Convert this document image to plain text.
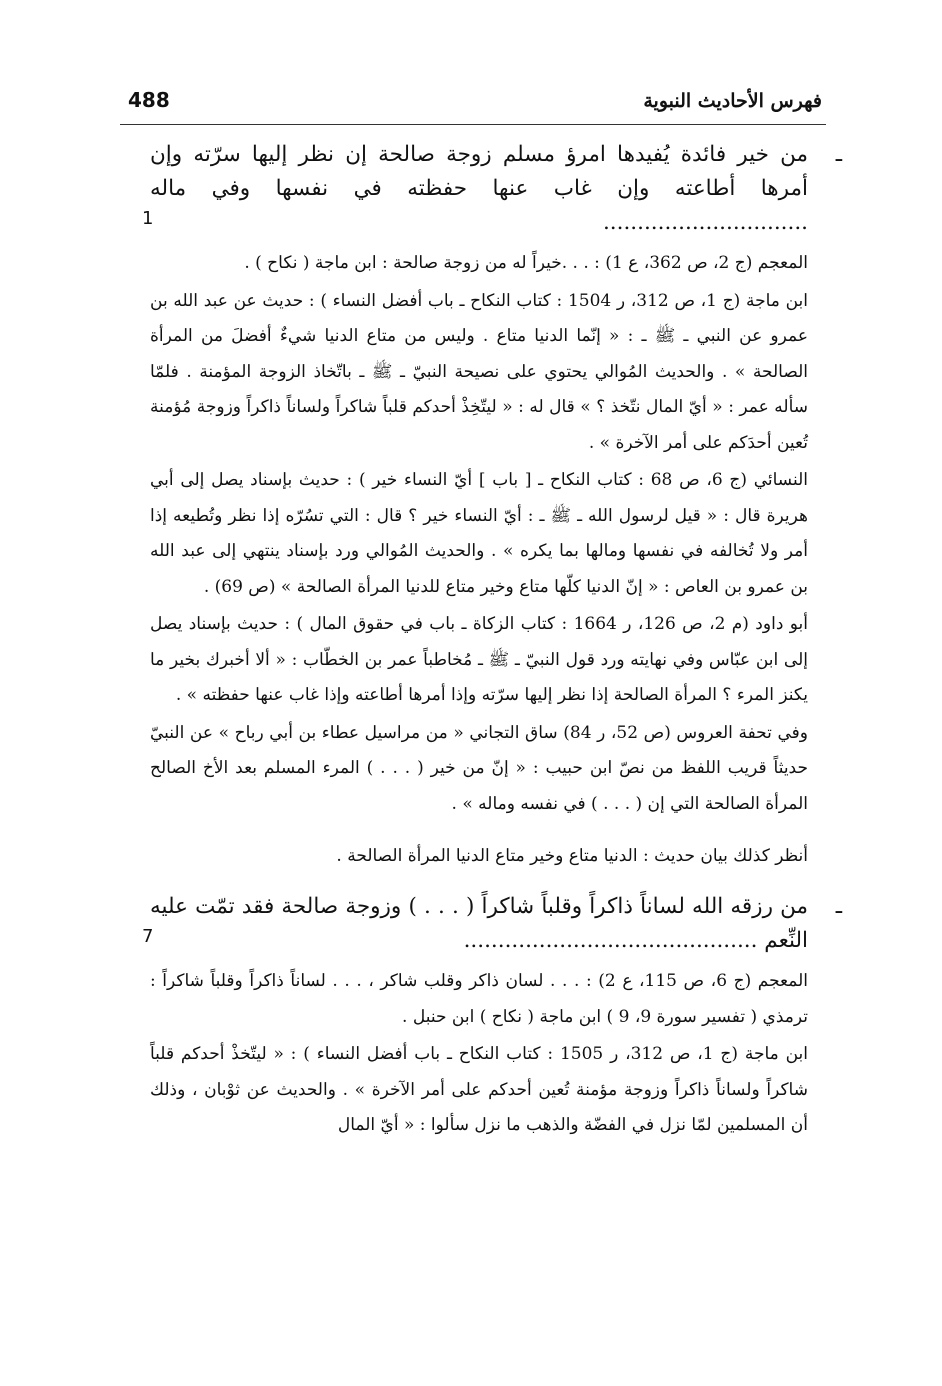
488	فهرس الأحاديث النبوية
ـ
من خير فائدة يُفيدها امرؤ مسلم زوجة صالحة إن نظر إليها سرّته وإن أمرها أطاعته وإن غاب عنها حفظته في نفسها وفي ماله ..............................
1

المعجم (ج 2، ص 362، ع 1) : . . .خيراً له من زوجة صالحة : ابن ماجة ( نكاح ) .

ابن ماجة (ج 1، ص 312، ر 1504 : كتاب النكاح ـ باب أفضل النساء ) : حديث عن عبد الله بن عمرو عن النبي ـ ﷺ ـ : « إنّما الدنيا متاع . وليس من متاع الدنيا شيءٌ أفضلَ من المرأة الصالحة » . والحديث المُوالي يحتوي على نصيحة النبيّ ـ ﷺ ـ باتّخاذ الزوجة المؤمنة . فلمّا سأله عمر : « أيّ المال نتّخذ ؟ » قال له : « ليتّخِذْ أحدكم قلباً شاكراً ولساناً ذاكراً وزوجة مُؤمنة تُعين أحدَكم على أمر الآخرة » .

النسائي (ج 6، ص 68 : كتاب النكاح ـ [ باب ] أيّ النساء خير ) : حديث بإسناد يصل إلى أبي هريرة قال : « قيل لرسول الله ـ ﷺ ـ : أيّ النساء خير ؟ قال : التي تسُرّه إذا نظر وتُطيعه إذا أمر ولا تُخالفه في نفسها ومالها بما يكره » . والحديث المُوالي ورد بإسناد ينتهي إلى عبد الله بن عمرو بن العاص : « إنّ الدنيا كلّها متاع وخير متاع للدنيا المرأة الصالحة » (ص 69) .

أبو داود (م 2، ص 126، ر 1664 : كتاب الزكاة ـ باب في حقوق المال ) : حديث بإسناد يصل إلى ابن عبّاس وفي نهايته ورد قول النبيّ ـ ﷺ ـ مُخاطباً عمر بن الخطّاب : « ألا أخبرك بخير ما يكنز المرء ؟ المرأة الصالحة إذا نظر إليها سرّته وإذا أمرها أطاعته وإذا غاب عنها حفظته » .

وفي تحفة العروس (ص 52، ر 84) ساق التجاني « من مراسيل عطاء بن أبي رباح » عن النبيّ حديثاً قريب اللفظ من نصّ ابن حبيب : « إنّ من خير ( . . . ) المرء المسلم بعد الأخ الصالح المرأة الصالحة التي إن ( . . . ) في نفسه وماله » .

أنظر كذلك بيان حديث : الدنيا متاع وخير متاع الدنيا المرأة الصالحة .

ـ
من رزقه الله لساناً ذاكراً وقلباً شاكراً ( . . . ) وزوجة صالحة فقد تمّت عليه النِّعم ...........................................
7

المعجم (ج 6، ص 115، ع 2) : . . . لسان ذاكر وقلب شاكر ، . . . لساناً ذاكراً وقلباً شاكراً : ترمذي ( تفسير سورة 9، 9 ) ابن ماجة ( نكاح ) ابن حنبل .

ابن ماجة (ج 1، ص 312، ر 1505 : كتاب النكاح ـ باب أفضل النساء ) : « ليتّخذْ أحدكم قلباً شاكراً ولساناً ذاكراً وزوجة مؤمنة تُعين أحدكم على أمر الآخرة » . والحديث عن ثوْبان ، وذلك أن المسلمين لمّا نزل في الفضّة والذهب ما نزل سألوا : « أيّ المال
